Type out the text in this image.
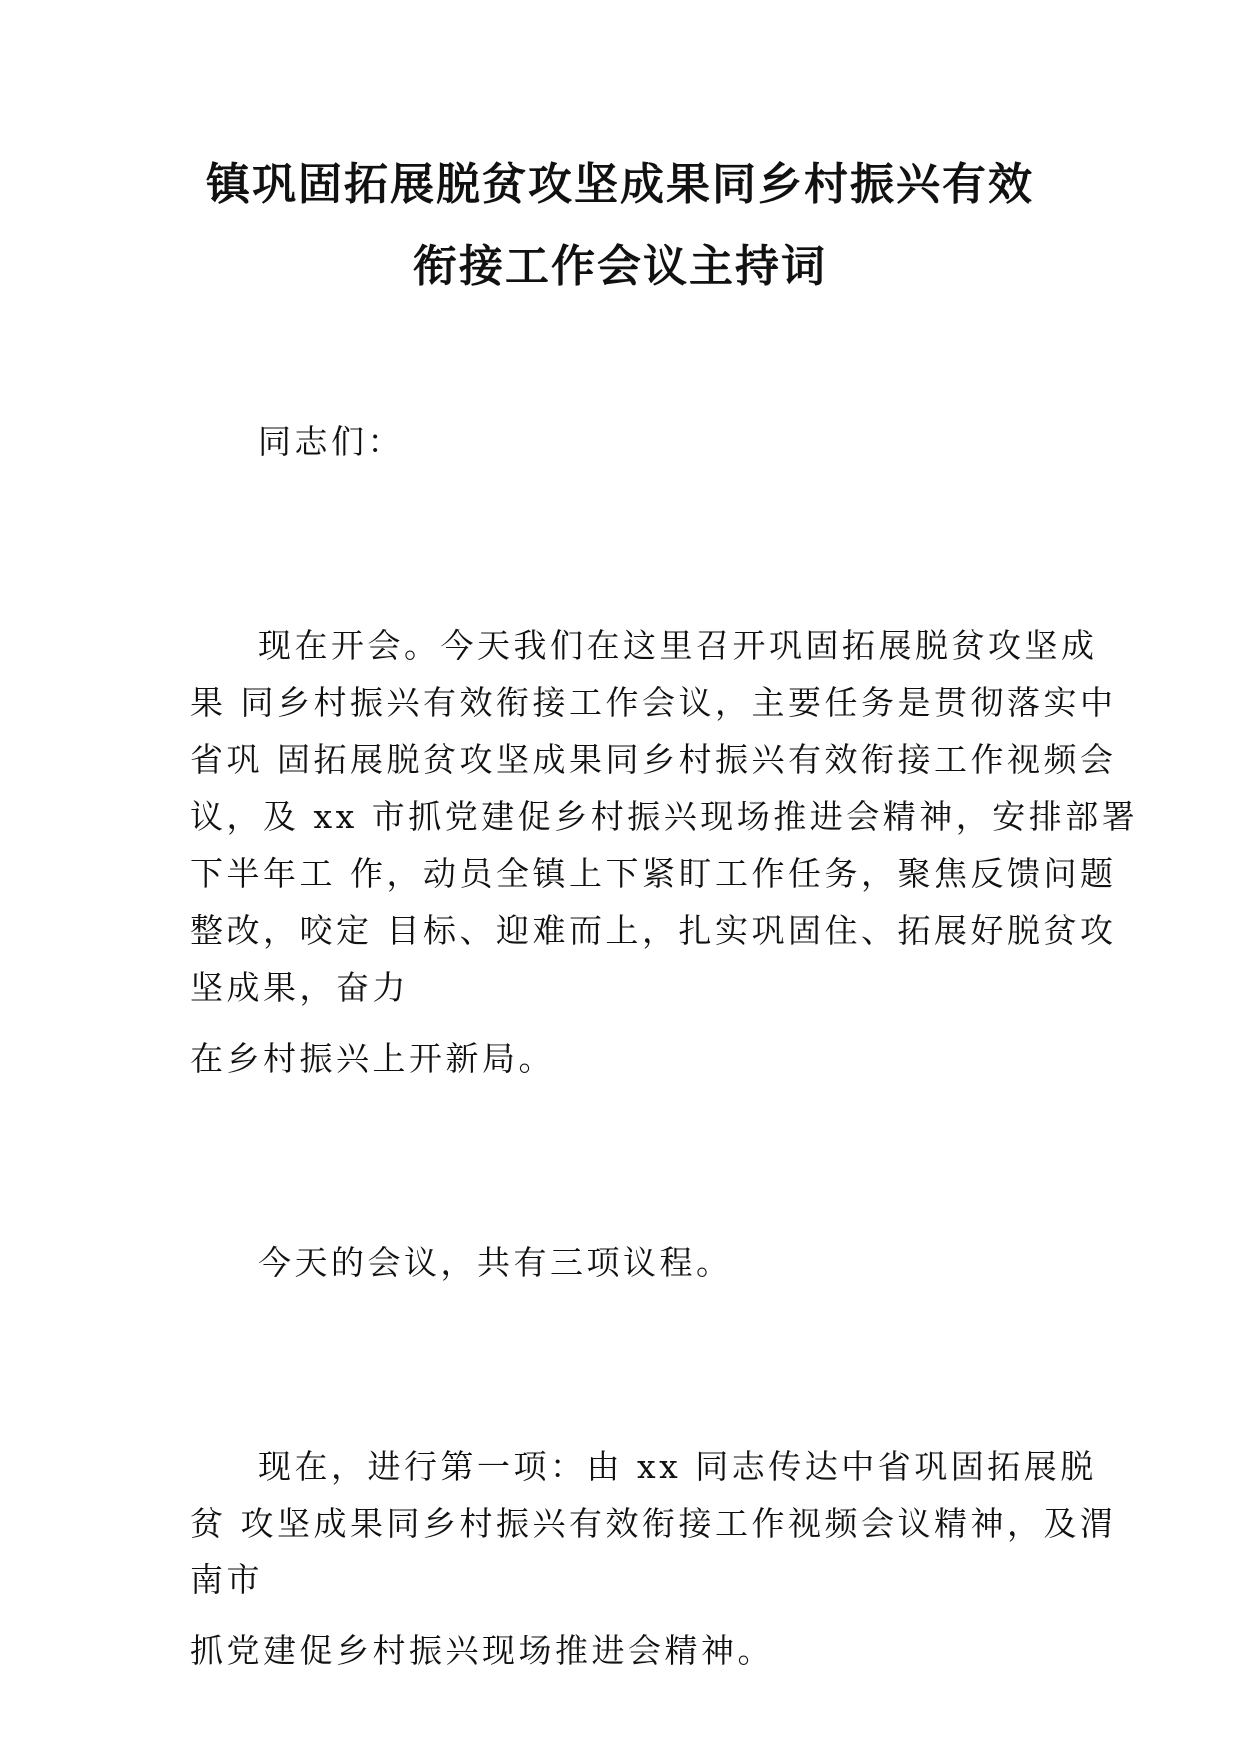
镇巩固拓展脱贫攻坚成果同乡村振兴有效
衔接工作会议主持词
同志们：
现在开会。今天我们在这里召开巩固拓展脱贫攻坚成
果 同乡村振兴有效衔接工作会议，主要任务是贯彻落实中
省巩 固拓展脱贫攻坚成果同乡村振兴有效衔接工作视频会
议，及 xx 市抓党建促乡村振兴现场推进会精神，安排部署
下半年工 作，动员全镇上下紧盯工作任务，聚焦反馈问题
整改，咬定 目标、迎难而上，扎实巩固住、拓展好脱贫攻
坚成果，奋力
在乡村振兴上开新局。
今天的会议，共有三项议程。
现在，进行第一项：由 xx 同志传达中省巩固拓展脱
贫 攻坚成果同乡村振兴有效衔接工作视频会议精神，及渭
南市
抓党建促乡村振兴现场推进会精神。
